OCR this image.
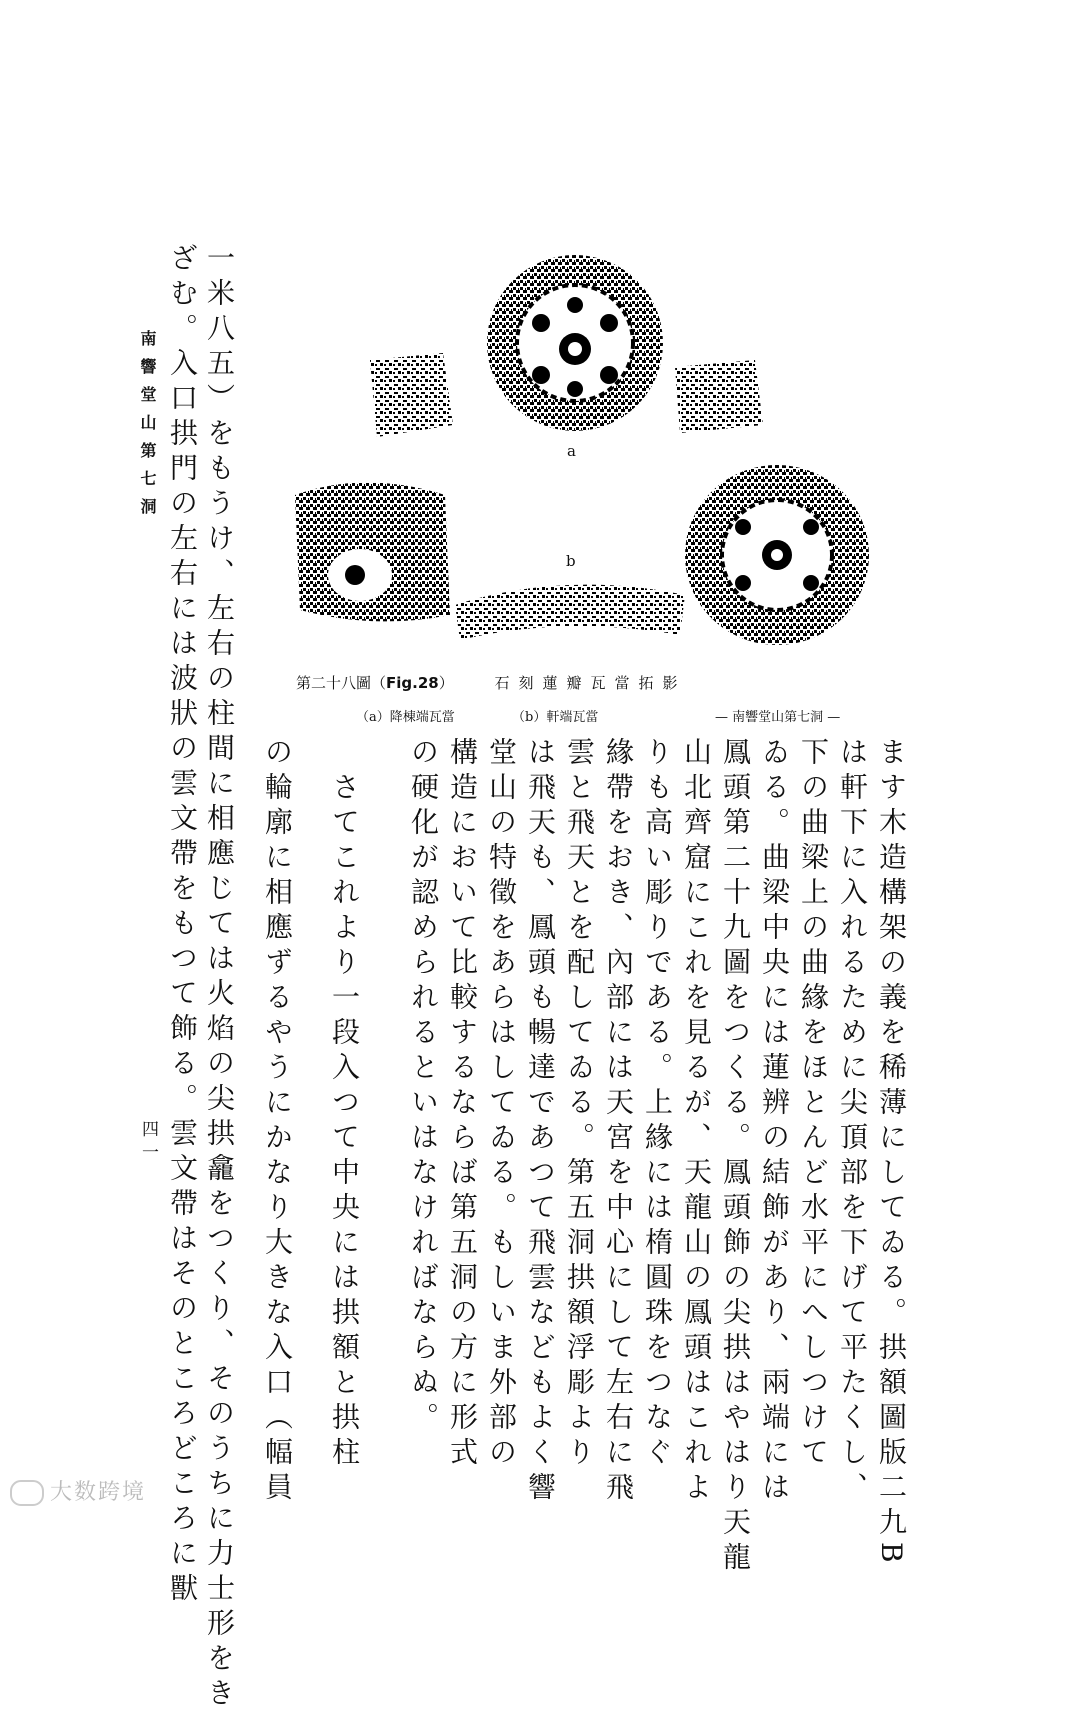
南響堂山第七洞
四一 一米八五）をもうけ、左右の柱間に相應じては火焰の尖拱龕をつくり、そのうちに力士形をき
ざむ。入口拱門の左右には波狀の雲文帶をもつて飾る。雲文帶はそのところどころに獸	a
b
第二十八圖（Fig.28）	石刻蓮瓣瓦當拓影
（a）降棟端瓦當	（b）軒端瓦當	— 南響堂山第七洞 —
ます木造構架の義を稀薄にしてゐる。拱額圖版二九B
は軒下に入れるために尖頂部を下げて平たくし、
下の曲梁上の曲緣をほとんど水平にへしつけて
ゐる。曲梁中央には蓮辨の結飾があり、兩端には
鳳頭第二十九圖をつくる。鳳頭飾の尖拱はやはり天龍
山北齊窟にこれを見るが、天龍山の鳳頭はこれよ
りも高い彫りである。上緣には楕圓珠をつなぐ
緣帶をおき、內部には天宮を中心にして左右に飛
雲と飛天とを配してゐる。第五洞拱額浮彫より
は飛天も、鳳頭も暢達であつて飛雲などもよく響
堂山の特徵をあらはしてゐる。もしいま外部の
構造において比較するならば第五洞の方に形式
の硬化が認められるといはなければならぬ。
　さてこれより一段入つて中央には拱額と拱柱
の輪廓に相應ずるやうにかなり大きな入口（幅員
大数跨境
